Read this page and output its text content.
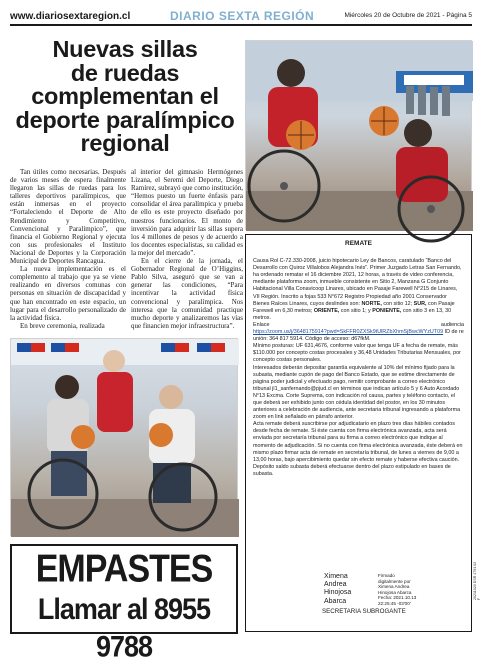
www.diariosextaregion.cl	DIARIO SEXTA REGIÓN	Miércoles 20 de Octubre de 2021 - Página 5
Nuevas sillas
de ruedas
complementan el
deporte paralímpico
regional

Tan útiles como necesarias. Después de varios meses de espera finalmente llegaron las sillas de ruedas para los talleres deportivos paralímpicos, que están inmersas en el proyecto “Fortaleciendo el Deporte de Alto Rendimiento y Competitivo, Convencional y Paralímpico”, que financia el Gobierno Regional y ejecuta con sus profesionales el Instituto Nacional de Deportes y la Corporación Municipal de Deportes Rancagua.

La nueva implementación es el complemento al trabajo que ya se viene realizando en diversos comunas con personas en situación de discapacidad y que han encontrado en este espacio, un lugar para el desarrollo personalizado de la actividad física.

En breve ceremonia, realizada

al interior del gimnasio Hermógenes Lizana, el Seremi del Deporte, Diego Ramírez, subrayó que como institución, “Hemos puesto un fuerte énfasis para consolidar el área paralímpica y prueba de ello es este proyecto diseñado por nuestros funcionarios. El monto de inversión para adquirir las sillas supera los 4 millones de pesos y de acuerdo a los docentes especialistas, su calidad es la mejor del mercado”.

En el cierre de la jornada, el Gobernador Regional de O’Higgins, Pablo Silva, aseguró que se van a generar las condiciones, “Para incentivar la actividad física convencional y paralímpica. Nos interesa que la comunidad practique mucho deporte y analizaremos las vías que financien mejor infraestructura”.

EMPASTES
Llamar al 8955 9788
REMATE
Causa Rol C-72.330-2008, juicio hipotecario Ley de Bancos, caratulado “Banco del Desarrollo con Quiroz Villalobos Alejandra Inés”. Primer Juzgado Letras San Fernando, ha ordenado rematar el 16 diciembre 2021, 12 horas, a través de video conferencia, mediante plataforma zoom, inmueble consistente en Sitio 2, Manzana G Conjunto Habitacional Villa Conavicoop Linares, ubicado en Pasaje Farewell N°215 de Linares, VII Región. Inscrito a fojas 533 N°672 Registro Propiedad año 2001 Conservador Bienes Raíces Linares, cuyos deslindes son: NORTE, con sitio 12; SUR, con Pasaje Farewell en 6,30 metros; ORIENTE, con sitio 1; y PONIENTE, con sitio 3 en 13, 30 metros.
Enlace	audiencia
https://zoom.us/j/3648175914?pwd=SkFFR0ZXSk9tUlRZbXhmSjBwcWYzUT09 ID de reunión: 364 817 5914. Código de acceso: d67fkM.
Mínimo posturas: UF 631,4676, conforme valor que tenga UF a fecha de remate, más $110.000 por concepto costas procesales y 36,48 Unidades Tributarias Mensuales, por concepto costas personales.
Interesados deberán depositar garantía equivalente al 10% del mínimo fijado para la subasta, mediante cupón de pago del Banco Estado, que se estime directamente de página poder judicial y efectuado pago, remitir comprobante a correo electrónico tribunal jl1_sanfernando@pjud.cl en términos que indican artículo 5 y 6 Auto Acordado N°13 Excma. Corte Suprema, con indicación rol causa, partes y teléfono contacto, el que deberá ser exhibido junto con cédula identidad del postor, en los 30 minutos anteriores a celebración de audiencia, ante secretaria tribunal ingresando a plataforma zoom en link señalado en párrafo anterior.
Acta remate deberá suscribirse por adjudicatario en plazo tres días hábiles contados desde fecha de remate. Si éste cuenta con firma electrónica avanzada, acta será enviada por secretaría tribunal para su firma a correo electrónico que indique al momento de adjudicación. Si no cuenta con firma electrónica avanzada, éste deberá en mismo plazo firmar acta de remate en secretaría tribunal, de lunes a viernes de 9,00 a 13,00 horas, bajo apercibimiento quedar sin efecto remate y haberse efectiva caución.
Depósito saldo subasta deberá efectuarse dentro del plazo estipulado en bases de subasta.
Ximena
Andrea
Hinojosa
Abarca
Firmado
digitalmente por
Ximena Andrea
Hinojosa Abarca
Fecha: 2021.10.13
22:25:45 -03'00'
SECRETARIA SUBROGANTE
20211020 DSR 4791 02 F
